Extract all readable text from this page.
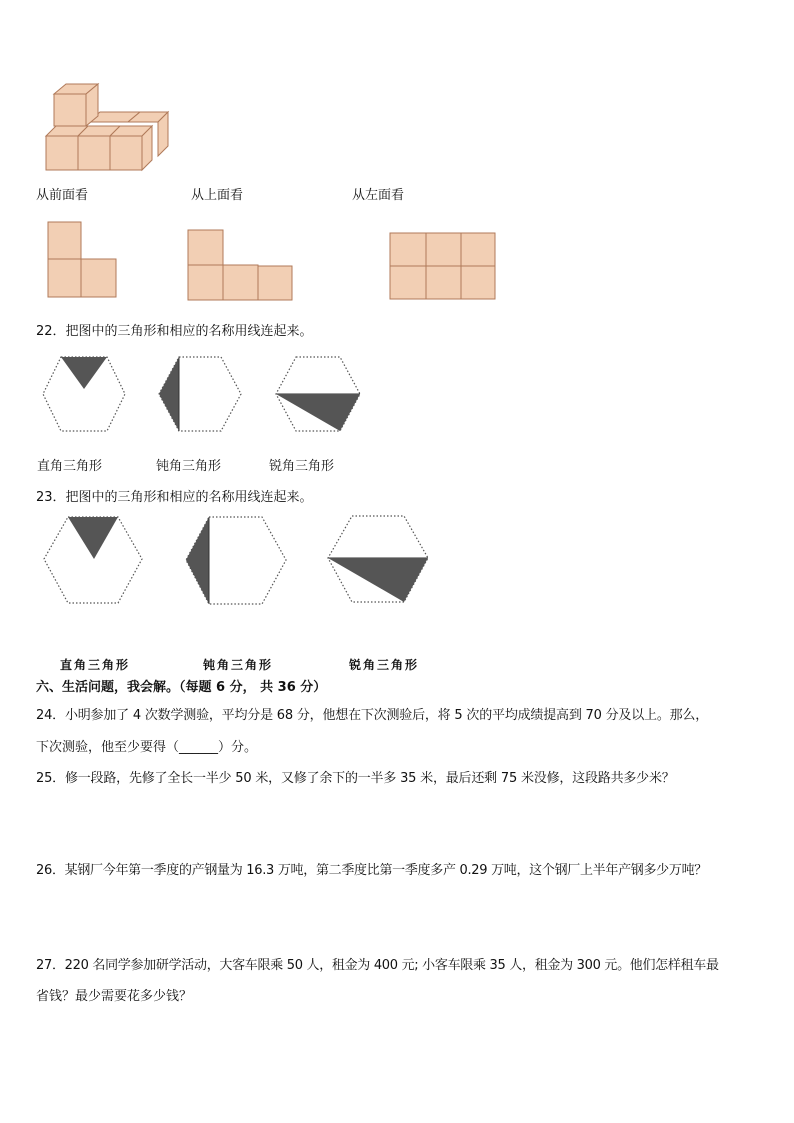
从前面看	从上面看	从左面看
22．把图中的三角形和相应的名称用线连起来。
直角三角形	钝角三角形	锐角三角形
23．把图中的三角形和相应的名称用线连起来。
直角三角形	钝角三角形	锐角三角形
六、生活问题，我会解。（每题 6 分， 共 36 分）
24．小明参加了 4 次数学测验，平均分是 68 分，他想在下次测验后，将 5 次的平均成绩提高到 70 分及以上。那么，
下次测验，他至少要得（______）分。
25．修一段路，先修了全长一半少 50 米，又修了余下的一半多 35 米，最后还剩 75 米没修，这段路共多少米？
26．某钢厂今年第一季度的产钢量为 16.3 万吨，第二季度比第一季度多产 0.29 万吨，这个钢厂上半年产钢多少万吨？
27．220 名同学参加研学活动，大客车限乘 50 人，租金为 400 元; 小客车限乘 35 人，租金为 300 元。他们怎样租车最
省钱？最少需要花多少钱？
